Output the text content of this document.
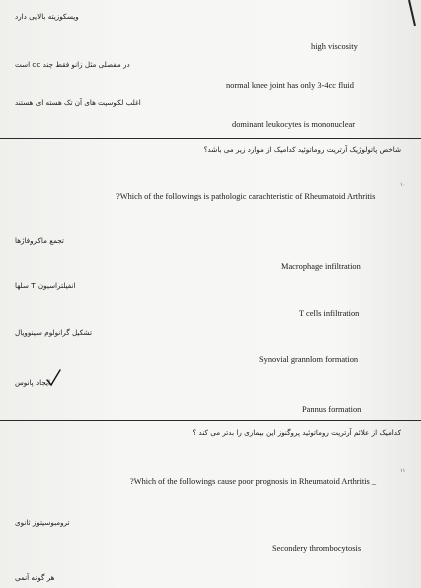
ویسکوزیته بالایی دارد
high viscosity
در مفصلی مثل زانو فقط چند cc است
normal knee joint has only 3-4cc fluid
اغلب لکوسیت های آن تک هسته ای هستند
dominant leukocytes is mononuclear
شاخص پاتولوژیک آرتریت روماتوئید کدامیک از موارد زیر می باشد؟
۱۰
?Which of the followings is pathologic carachteristic of Rheumatoid Arthritis
تجمع ماکروفاژها
Macrophage infiltration
انفیلتراسیون T سلها
T cells infiltration
تشکیل گرانولوم سینوویال
Synovial grannlom formation
ایجاد پانوس
Pannus formation
کدامیک از علائم آرتریت روماتوئید پروگنوز این بیماری را بدتر می کند ؟
۱۱
?Which of the followings cause poor prognosis in Rheumatoid Arthritis _
ترومبوسیتوز ثانوی
Secondery thrombocytosis
هر گونه آنمی
